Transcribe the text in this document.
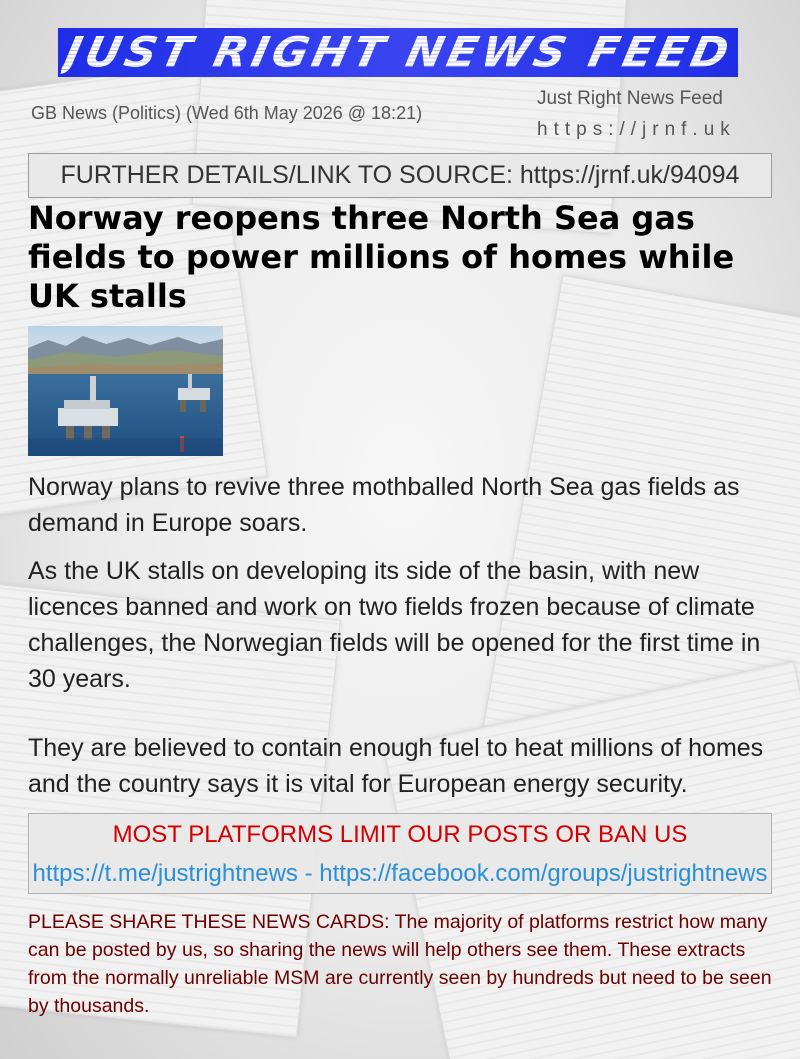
JUST RIGHT NEWS FEED
GB News (Politics) (Wed 6th May 2026 @ 18:21)
Just Right News Feed
https://jrnf.uk
FURTHER DETAILS/LINK TO SOURCE: https://jrnf.uk/94094
Norway reopens three North Sea gas fields to power millions of homes while UK stalls

Norway plans to revive three mothballed North Sea gas fields as demand in Europe soars.

As the UK stalls on developing its side of the basin, with new licences banned and work on two fields frozen because of climate challenges, the Norwegian fields will be opened for the first time in 30 years.

They are believed to contain enough fuel to heat millions of homes and the country says it is vital for European energy security.

MOST PLATFORMS LIMIT OUR POSTS OR BAN US
https://t.me/justrightnews - https://facebook.com/groups/justrightnews

PLEASE SHARE THESE NEWS CARDS: The majority of platforms restrict how many can be posted by us, so sharing the news will help others see them. These extracts from the normally unreliable MSM are currently seen by hundreds but need to be seen by thousands.
